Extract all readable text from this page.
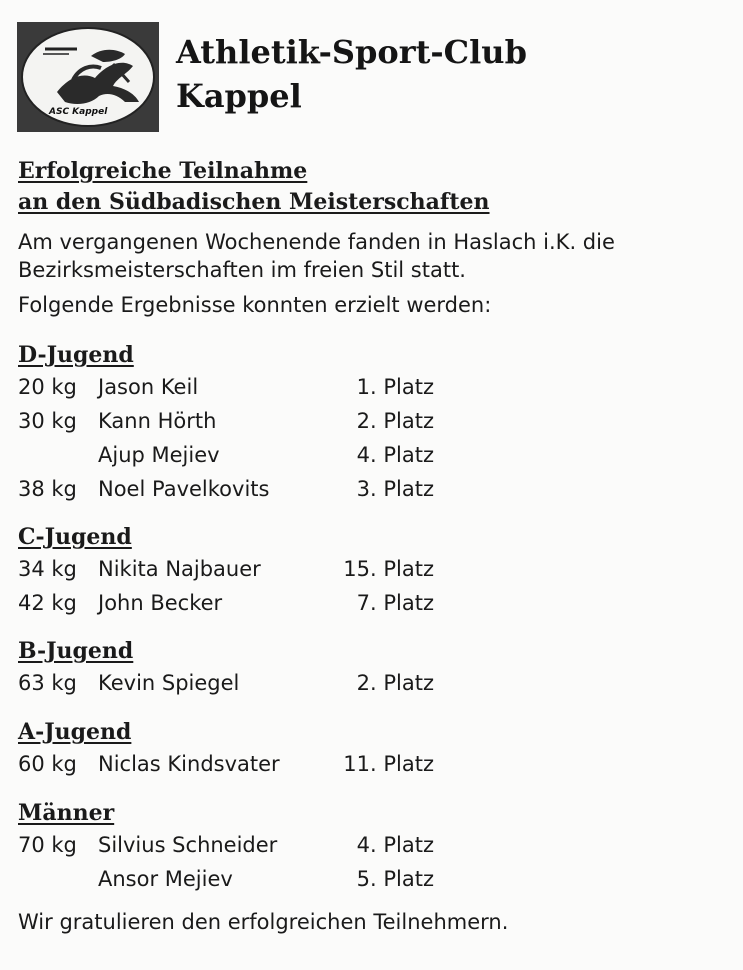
ASC Kappel
Athletik-Sport-Club
Kappel
Erfolgreiche Teilnahme
an den Südbadischen Meisterschaften

Am vergangenen Wochenende fanden in Haslach i.K. die

Bezirksmeisterschaften im freien Stil statt.

Folgende Ergebnisse konnten erzielt werden:

D-Jugend
20 kg Jason Keil	1. Platz
30 kg Kann Hörth	2. Platz
Ajup Mejiev	4. Platz
38 kg Noel Pavelkovits	3. Platz
C-Jugend
34 kg Nikita Najbauer	15. Platz
42 kg John Becker	7. Platz
B-Jugend
63 kg Kevin Spiegel	2. Platz
A-Jugend
60 kg Niclas Kindsvater	11. Platz
Männer
70 kg Silvius Schneider	4. Platz
Ansor Mejiev	5. Platz
Wir gratulieren den erfolgreichen Teilnehmern.
